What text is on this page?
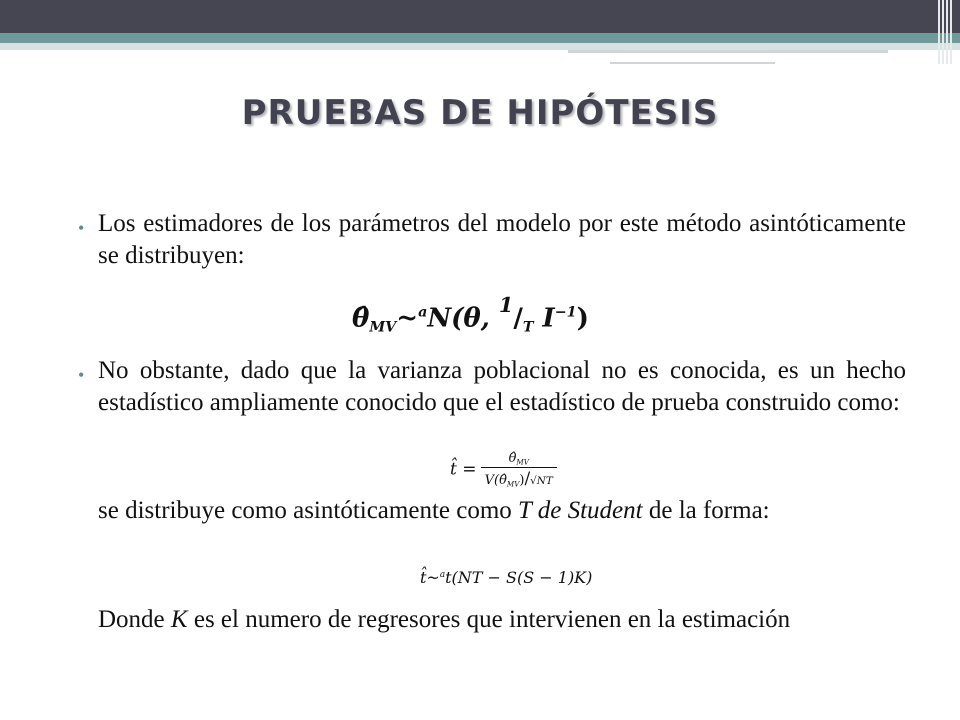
PRUEBAS DE HIPÓTESIS
• Los estimadores de los parámetros del modelo por este método asintóticamente se distribuyen:
$\thetâ_{MV}\sim^aN(\theta$, $^1/_T$ $I^{-1}$)
• No obstante, dado que la varianza poblacional no es conocida, es un hecho estadístico ampliamente conocido que el estadístico de prueba construido como:
t̂ = $\frac{\thetâ_{MV}}{V(\thetâ_{MV})/√NT}$
se distribuye como asintóticamente como T de Student de la forma:
t̂~$^a$t(NT − S(S − 1)K)
Donde K es el numero de regresores que intervienen en la estimación
